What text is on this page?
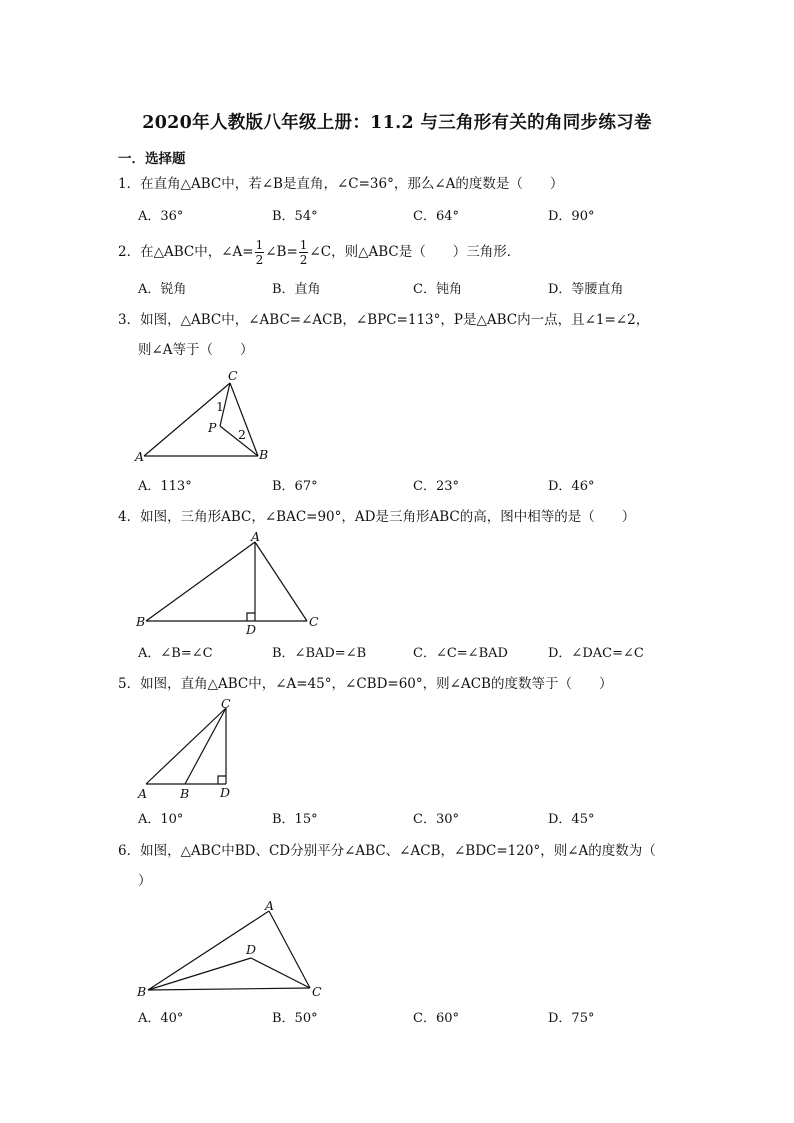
2020年人教版八年级上册：11.2 与三角形有关的角同步练习卷
一．选择题
1．在直角△ABC中，若∠B是直角，∠C=36°，那么∠A的度数是（　　）
A．36°	B．54°	C．64°	D．90°
2．在△ABC中，∠A= $\frac{1}{2}$ ∠B= $\frac{1}{2}$ ∠C，则△ABC是（　　）三角形．
A．锐角	B．直角	C．钝角	D．等腰直角
3．如图，△ABC中，∠ABC=∠ACB，∠BPC=113°，P是△ABC内一点，且∠1=∠2，
则∠A等于（　　）
C
A	B
P
1
2
A．113°	B．67°	C．23°	D．46°
4．如图，三角形ABC，∠BAC=90°，AD是三角形ABC的高，图中相等的是（　　）
A
B	C
D
A．∠B=∠C	B．∠BAD=∠B	C．∠C=∠BAD	D．∠DAC=∠C
5．如图，直角△ABC中，∠A=45°，∠CBD=60°，则∠ACB的度数等于（　　）
C
A	B D
A．10°	B．15°	C．30°	D．45°
6．如图，△ABC中BD、CD分别平分∠ABC、∠ACB，∠BDC=120°，则∠A的度数为（
）
A
B	C
D
A．40°	B．50°	C．60°	D．75°
